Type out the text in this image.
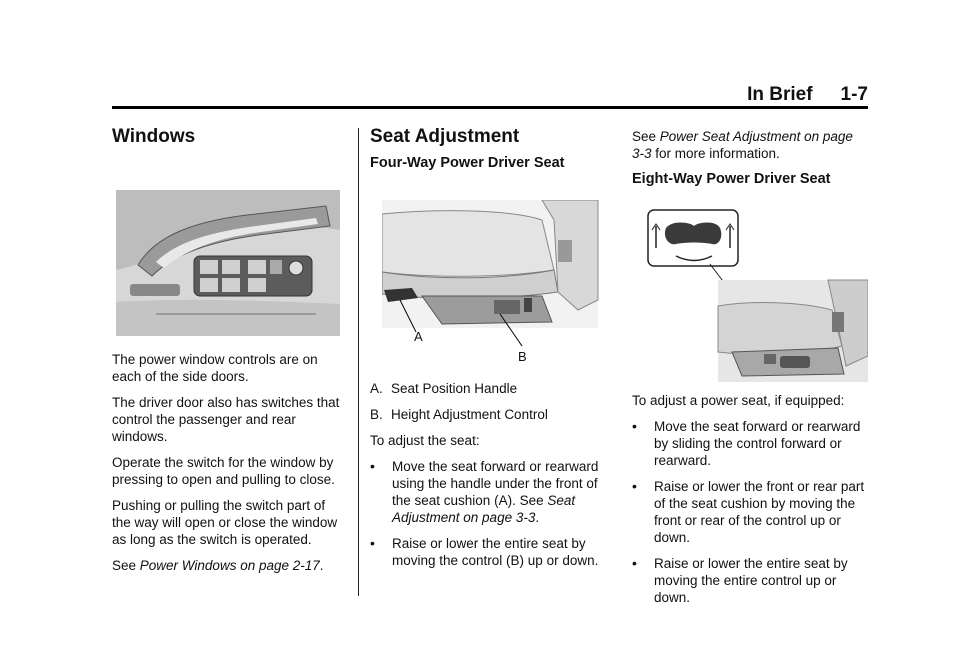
In Brief 1-7
Windows

The power window controls are on each of the side doors.

The driver door also has switches that control the passenger and rear windows.

Operate the switch for the window by pressing to open and pulling to close.

Pushing or pulling the switch part of the way will open or close the window as long as the switch is operated.

See Power Windows on page 2-17.

Seat Adjustment
Four-Way Power Driver Seat
A
B

A. Seat Position Handle

B. Height Adjustment Control

To adjust the seat:

• Move the seat forward or rearward using the handle under the front of the seat cushion (A). See Seat Adjustment on page 3-3.
• Raise or lower the entire seat by moving the control (B) up or down.

See Power Seat Adjustment on page 3-3 for more information.

Eight-Way Power Driver Seat

To adjust a power seat, if equipped:

• Move the seat forward or rearward by sliding the control forward or rearward.
• Raise or lower the front or rear part of the seat cushion by moving the front or rear of the control up or down.
• Raise or lower the entire seat by moving the entire control up or down.
